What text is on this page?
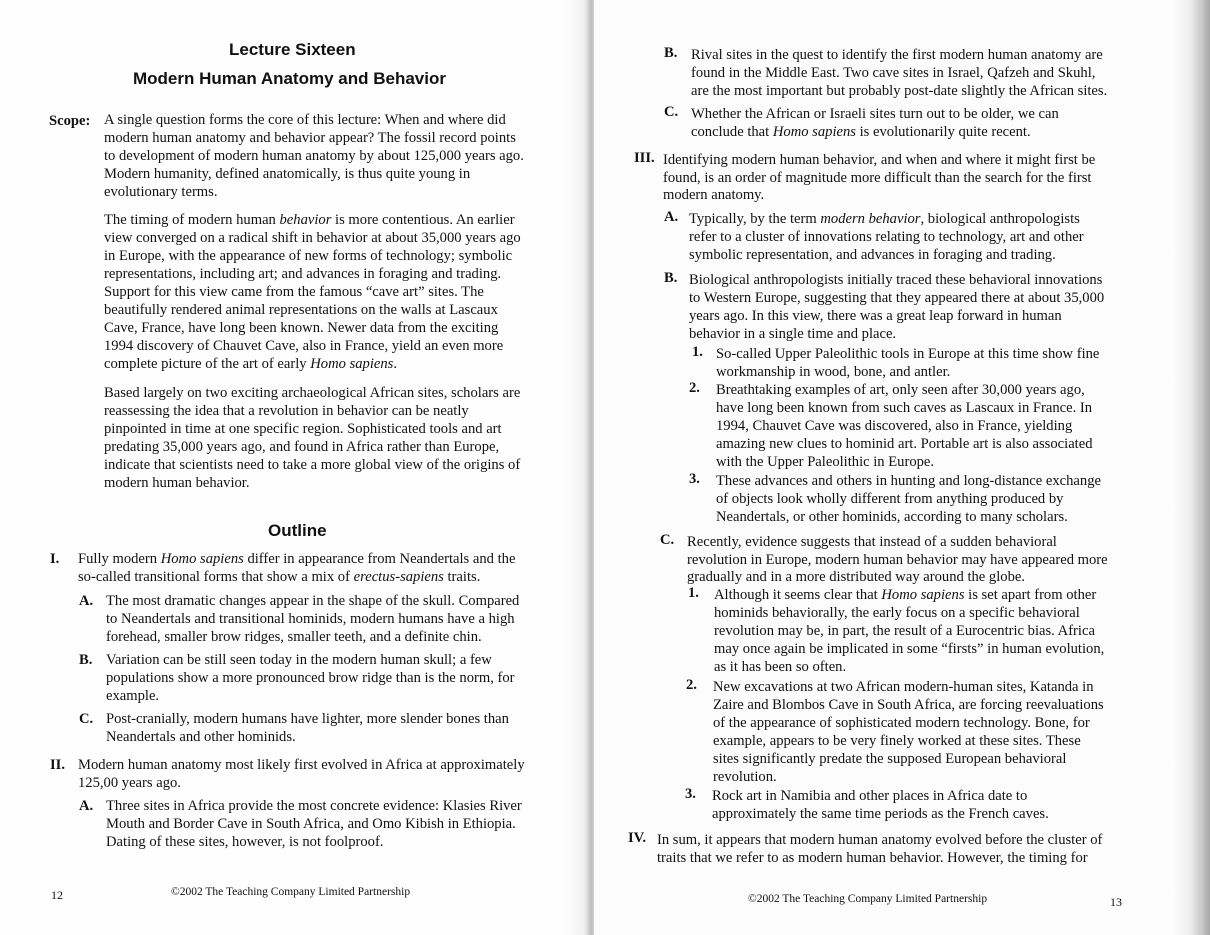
Lecture Sixteen
Modern Human Anatomy and Behavior
Scope: A single question forms the core of this lecture: When and where did
modern human anatomy and behavior appear? The fossil record points
to development of modern human anatomy by about 125,000 years ago.
Modern humanity, defined anatomically, is thus quite young in
evolutionary terms.
The timing of modern human behavior is more contentious. An earlier
view converged on a radical shift in behavior at about 35,000 years ago
in Europe, with the appearance of new forms of technology; symbolic
representations, including art; and advances in foraging and trading.
Support for this view came from the famous “cave art” sites. The
beautifully rendered animal representations on the walls at Lascaux
Cave, France, have long been known. Newer data from the exciting
1994 discovery of Chauvet Cave, also in France, yield an even more
complete picture of the art of early Homo sapiens.
Based largely on two exciting archaeological African sites, scholars are
reassessing the idea that a revolution in behavior can be neatly
pinpointed in time at one specific region. Sophisticated tools and art
predating 35,000 years ago, and found in Africa rather than Europe,
indicate that scientists need to take a more global view of the origins of
modern human behavior.
Outline
I. Fully modern Homo sapiens differ in appearance from Neandertals and the
so-called transitional forms that show a mix of erectus-sapiens traits.
A. The most dramatic changes appear in the shape of the skull. Compared
to Neandertals and transitional hominids, modern humans have a high
forehead, smaller brow ridges, smaller teeth, and a definite chin.
B. Variation can be still seen today in the modern human skull; a few
populations show a more pronounced brow ridge than is the norm, for
example.
C. Post-cranially, modern humans have lighter, more slender bones than
Neandertals and other hominids.
II. Modern human anatomy most likely first evolved in Africa at approximately
125,00 years ago.
A. Three sites in Africa provide the most concrete evidence: Klasies River
Mouth and Border Cave in South Africa, and Omo Kibish in Ethiopia.
Dating of these sites, however, is not foolproof.
12	©2002 The Teaching Company Limited Partnership
B. Rival sites in the quest to identify the first modern human anatomy are
found in the Middle East. Two cave sites in Israel, Qafzeh and Skuhl,
are the most important but probably post-date slightly the African sites.
C. Whether the African or Israeli sites turn out to be older, we can
conclude that Homo sapiens is evolutionarily quite recent.
III. Identifying modern human behavior, and when and where it might first be
found, is an order of magnitude more difficult than the search for the first
modern anatomy.
A. Typically, by the term modern behavior, biological anthropologists
refer to a cluster of innovations relating to technology, art and other
symbolic representation, and advances in foraging and trading.
B. Biological anthropologists initially traced these behavioral innovations
to Western Europe, suggesting that they appeared there at about 35,000
years ago. In this view, there was a great leap forward in human
behavior in a single time and place.
1. So-called Upper Paleolithic tools in Europe at this time show fine
workmanship in wood, bone, and antler.
2. Breathtaking examples of art, only seen after 30,000 years ago,
have long been known from such caves as Lascaux in France. In
1994, Chauvet Cave was discovered, also in France, yielding
amazing new clues to hominid art. Portable art is also associated
with the Upper Paleolithic in Europe.
3. These advances and others in hunting and long-distance exchange
of objects look wholly different from anything produced by
Neandertals, or other hominids, according to many scholars.
C. Recently, evidence suggests that instead of a sudden behavioral
revolution in Europe, modern human behavior may have appeared more
gradually and in a more distributed way around the globe.
1. Although it seems clear that Homo sapiens is set apart from other
hominids behaviorally, the early focus on a specific behavioral
revolution may be, in part, the result of a Eurocentric bias. Africa
may once again be implicated in some “firsts” in human evolution,
as it has been so often.
2. New excavations at two African modern-human sites, Katanda in
Zaire and Blombos Cave in South Africa, are forcing reevaluations
of the appearance of sophisticated modern technology. Bone, for
example, appears to be very finely worked at these sites. These
sites significantly predate the supposed European behavioral
revolution.
3. Rock art in Namibia and other places in Africa date to
approximately the same time periods as the French caves.
IV. In sum, it appears that modern human anatomy evolved before the cluster of
traits that we refer to as modern human behavior. However, the timing for
©2002 The Teaching Company Limited Partnership	13
